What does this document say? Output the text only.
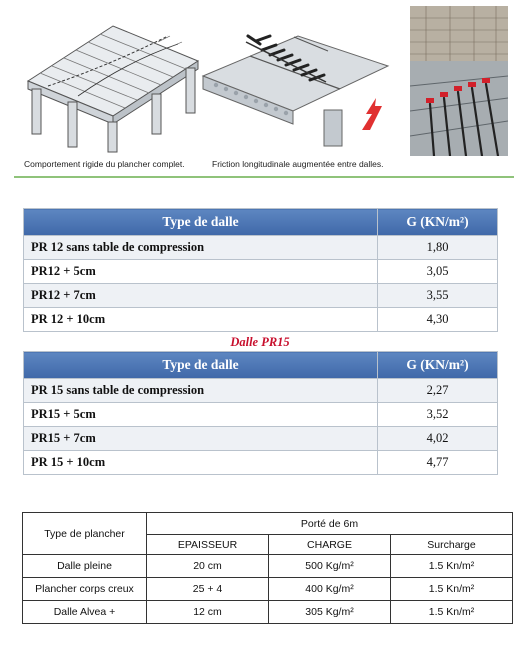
Comportement rigide du plancher complet.	Friction longitudinale augmentée entre dalles.
Type de dalle	G (KN/m²)
PR 12 sans table de compression	1,80
PR12 + 5cm	3,05
PR12 + 7cm	3,55
PR 12 + 10cm	4,30
Dalle PR15
Type de dalle	G (KN/m²)
PR 15 sans table de compression	2,27
PR15 + 5cm	3,52
PR15 + 7cm	4,02
PR 15 + 10cm	4,77
Type de plancher	Porté de 6m		
	EPAISSEUR	CHARGE	Surcharge
Dalle pleine	20 cm	500 Kg/m²	1.5 Kn/m²
Plancher corps creux	25 + 4	400 Kg/m²	1.5 Kn/m²
Dalle Alvea +	12 cm	305 Kg/m²	1.5 Kn/m²
